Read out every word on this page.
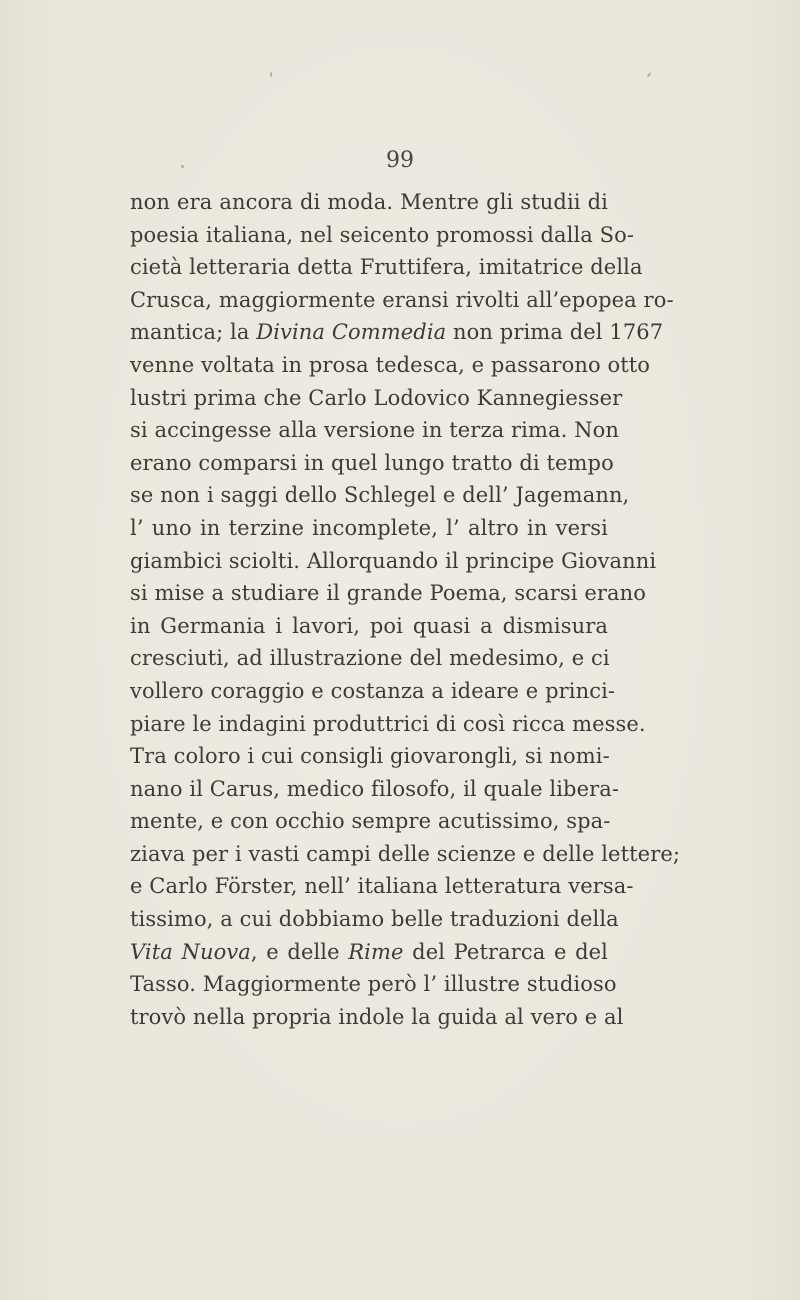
99
non era ancora di moda. Mentre gli studii di
poesia italiana, nel seicento promossi dalla So-
cietà letteraria detta Fruttifera, imitatrice della
Crusca, maggiormente eransi rivolti all’epopea ro-
mantica; la Divina Commedia non prima del 1767
venne voltata in prosa tedesca, e passarono otto
lustri prima che Carlo Lodovico Kannegiesser
si accingesse alla versione in terza rima. Non
erano comparsi in quel lungo tratto di tempo
se non i saggi dello Schlegel e dell’ Jagemann,
l’ uno in terzine incomplete, l’ altro in versi
giambici sciolti. Allorquando il principe Giovanni
si mise a studiare il grande Poema, scarsi erano
in Germania i lavori, poi quasi a dismisura
cresciuti, ad illustrazione del medesimo, e ci
vollero coraggio e costanza a ideare e princi-
piare le indagini produttrici di così ricca messe.
Tra coloro i cui consigli giovarongli, si nomi-
nano il Carus, medico filosofo, il quale libera-
mente, e con occhio sempre acutissimo, spa-
ziava per i vasti campi delle scienze e delle lettere;
e Carlo Förster, nell’ italiana letteratura versa-
tissimo, a cui dobbiamo belle traduzioni della
Vita Nuova, e delle Rime del Petrarca e del
Tasso. Maggiormente però l’ illustre studioso
trovò nella propria indole la guida al vero e al
